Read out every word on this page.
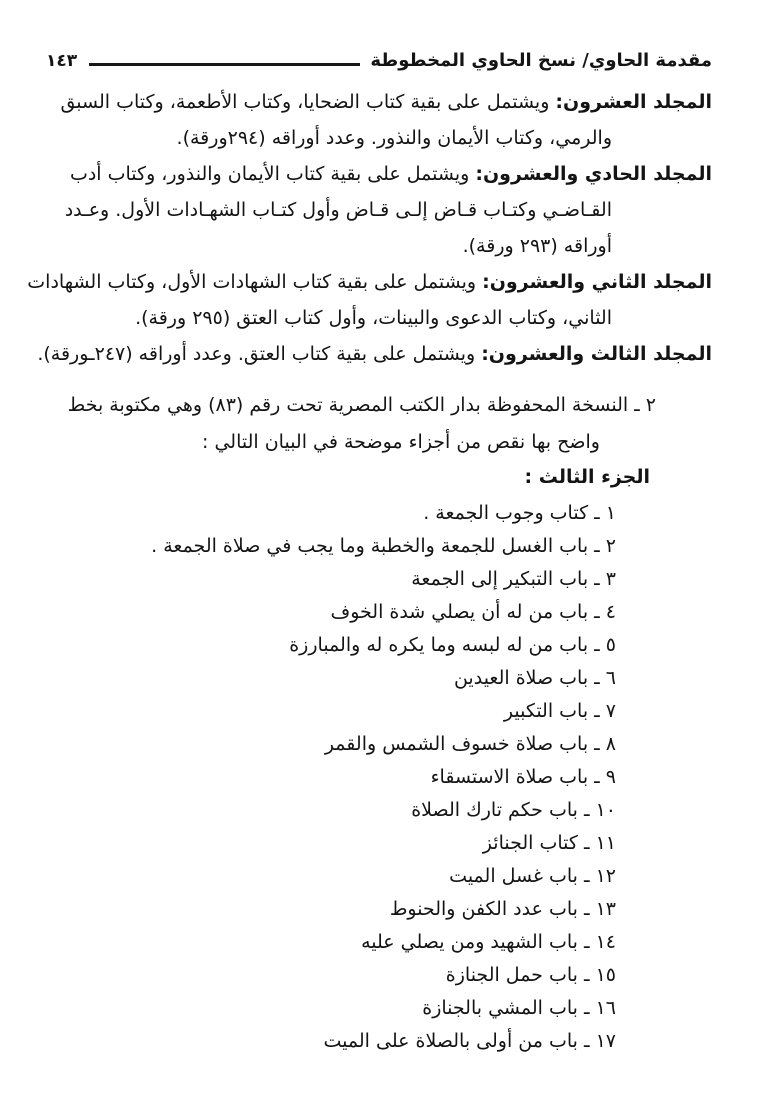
مقدمة الحاوي/ نسخ الحاوي المخطوطة
١٤٣
المجلد العشرون: ويشتمل على بقية كتاب الضحايا، وكتاب الأطعمة، وكتاب السبق
والرمي، وكتاب الأيمان والنذور. وعدد أوراقه (٢٩٤ورقة).
المجلد الحادي والعشرون: ويشتمل على بقية كتاب الأيمان والنذور، وكتاب أدب
القـاضـي وكتـاب قـاض إلـى قـاض وأول كتـاب الشهـادات الأول. وعـدد
أوراقه (٢٩٣ ورقة).
المجلد الثاني والعشرون: ويشتمل على بقية كتاب الشهادات الأول، وكتاب الشهادات
الثاني، وكتاب الدعوى والبينات، وأول كتاب العتق (٢٩٥ ورقة).
المجلد الثالث والعشرون: ويشتمل على بقية كتاب العتق. وعدد أوراقه (٢٤٧ـورقة).
٢ ـ النسخة المحفوظة بدار الكتب المصرية تحت رقم (٨٣) وهي مكتوبة بخط
واضح بها نقص من أجزاء موضحة في البيان التالي :
الجزء الثالث :
١ ـ كتاب وجوب الجمعة .
٢ ـ باب الغسل للجمعة والخطبة وما يجب في صلاة الجمعة .
٣ ـ باب التبكير إلى الجمعة
٤ ـ باب من له أن يصلي شدة الخوف
٥ ـ باب من له لبسه وما يكره له والمبارزة
٦ ـ باب صلاة العيدين
٧ ـ باب التكبير
٨ ـ باب صلاة خسوف الشمس والقمر
٩ ـ باب صلاة الاستسقاء
١٠ ـ باب حكم تارك الصلاة
١١ ـ كتاب الجنائز
١٢ ـ باب غسل الميت
١٣ ـ باب عدد الكفن والحنوط
١٤ ـ باب الشهيد ومن يصلي عليه
١٥ ـ باب حمل الجنازة
١٦ ـ باب المشي بالجنازة
١٧ ـ باب من أولى بالصلاة على الميت
